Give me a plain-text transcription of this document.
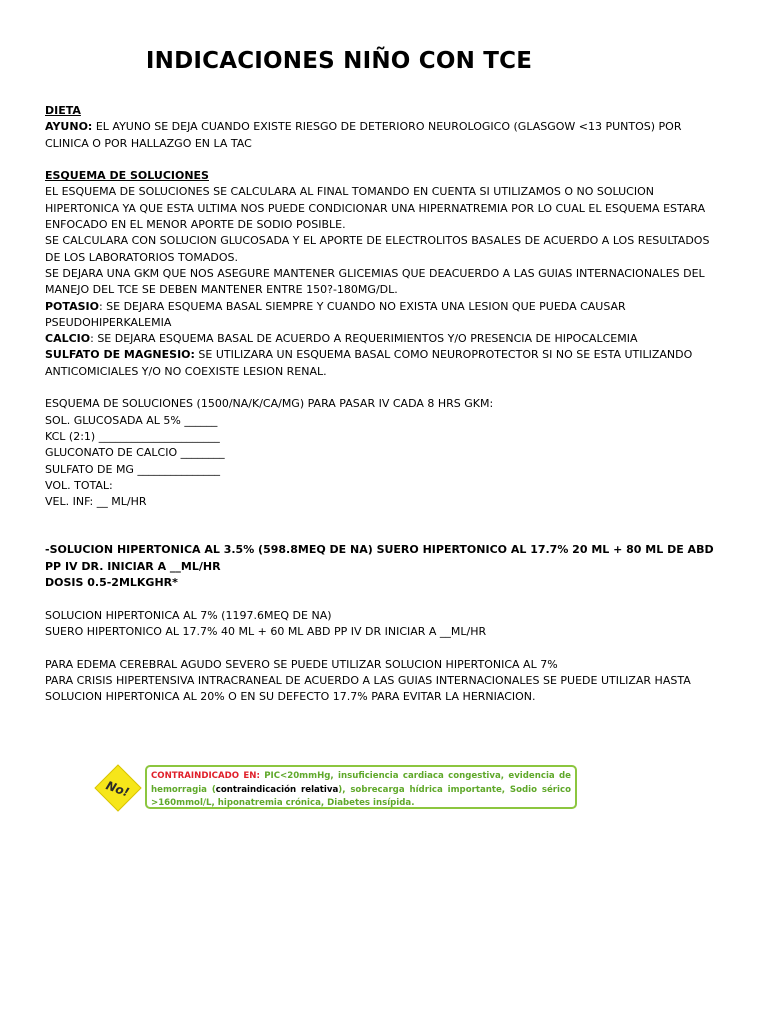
INDICACIONES NIÑO CON TCE

DIETA

AYUNO: EL AYUNO SE DEJA CUANDO EXISTE RIESGO DE DETERIORO NEUROLOGICO (GLASGOW <13 PUNTOS) POR CLINICA O POR HALLAZGO EN LA TAC

ESQUEMA DE SOLUCIONES

EL ESQUEMA DE SOLUCIONES SE CALCULARA AL FINAL TOMANDO EN CUENTA SI UTILIZAMOS O NO SOLUCION HIPERTONICA YA QUE ESTA ULTIMA NOS PUEDE CONDICIONAR UNA HIPERNATREMIA POR LO CUAL EL ESQUEMA ESTARA ENFOCADO EN EL MENOR APORTE DE SODIO POSIBLE.

SE CALCULARA CON SOLUCION GLUCOSADA Y EL APORTE DE ELECTROLITOS BASALES DE ACUERDO A LOS RESULTADOS DE LOS LABORATORIOS TOMADOS.

SE DEJARA UNA GKM QUE NOS ASEGURE MANTENER GLICEMIAS QUE DEACUERDO A LAS GUIAS INTERNACIONALES DEL MANEJO DEL TCE SE DEBEN MANTENER ENTRE 150?-180MG/DL.

POTASIO: SE DEJARA ESQUEMA BASAL SIEMPRE Y CUANDO NO EXISTA UNA LESION QUE PUEDA CAUSAR PSEUDOHIPERKALEMIA

CALCIO: SE DEJARA ESQUEMA BASAL DE ACUERDO A REQUERIMIENTOS Y/O PRESENCIA DE HIPOCALCEMIA

SULFATO DE MAGNESIO: SE UTILIZARA UN ESQUEMA BASAL COMO NEUROPROTECTOR SI NO SE ESTA UTILIZANDO ANTICOMICIALES Y/O NO COEXISTE LESION RENAL.

ESQUEMA DE SOLUCIONES (1500/NA/K/CA/MG) PARA PASAR IV CADA 8 HRS GKM:

SOL. GLUCOSADA AL 5% ______

KCL (2:1) ______________________

GLUCONATO DE CALCIO ________

SULFATO DE MG _______________

VOL. TOTAL:

VEL. INF: __ ML/HR

-SOLUCION HIPERTONICA AL 3.5% (598.8MEQ DE NA) SUERO HIPERTONICO AL 17.7% 20 ML + 80 ML DE ABD PP IV DR. INICIAR A __ML/HR

DOSIS 0.5-2MLKGHR*

SOLUCION HIPERTONICA AL 7% (1197.6MEQ DE NA)

SUERO HIPERTONICO AL 17.7% 40 ML + 60 ML ABD PP IV DR INICIAR A __ML/HR

PARA EDEMA CEREBRAL AGUDO SEVERO SE PUEDE UTILIZAR SOLUCION HIPERTONICA AL 7%

PARA CRISIS HIPERTENSIVA INTRACRANEAL DE ACUERDO A LAS GUIAS INTERNACIONALES SE PUEDE UTILIZAR HASTA SOLUCION HIPERTONICA AL 20% O EN SU DEFECTO 17.7% PARA EVITAR LA HERNIACION.

No!
CONTRAINDICADO EN: PIC<20mmHg, insuficiencia cardiaca congestiva, evidencia de hemorragia (contraindicación relativa), sobrecarga hídrica importante, Sodio sérico >160mmol/L, hiponatremia crónica, Diabetes insípida.
